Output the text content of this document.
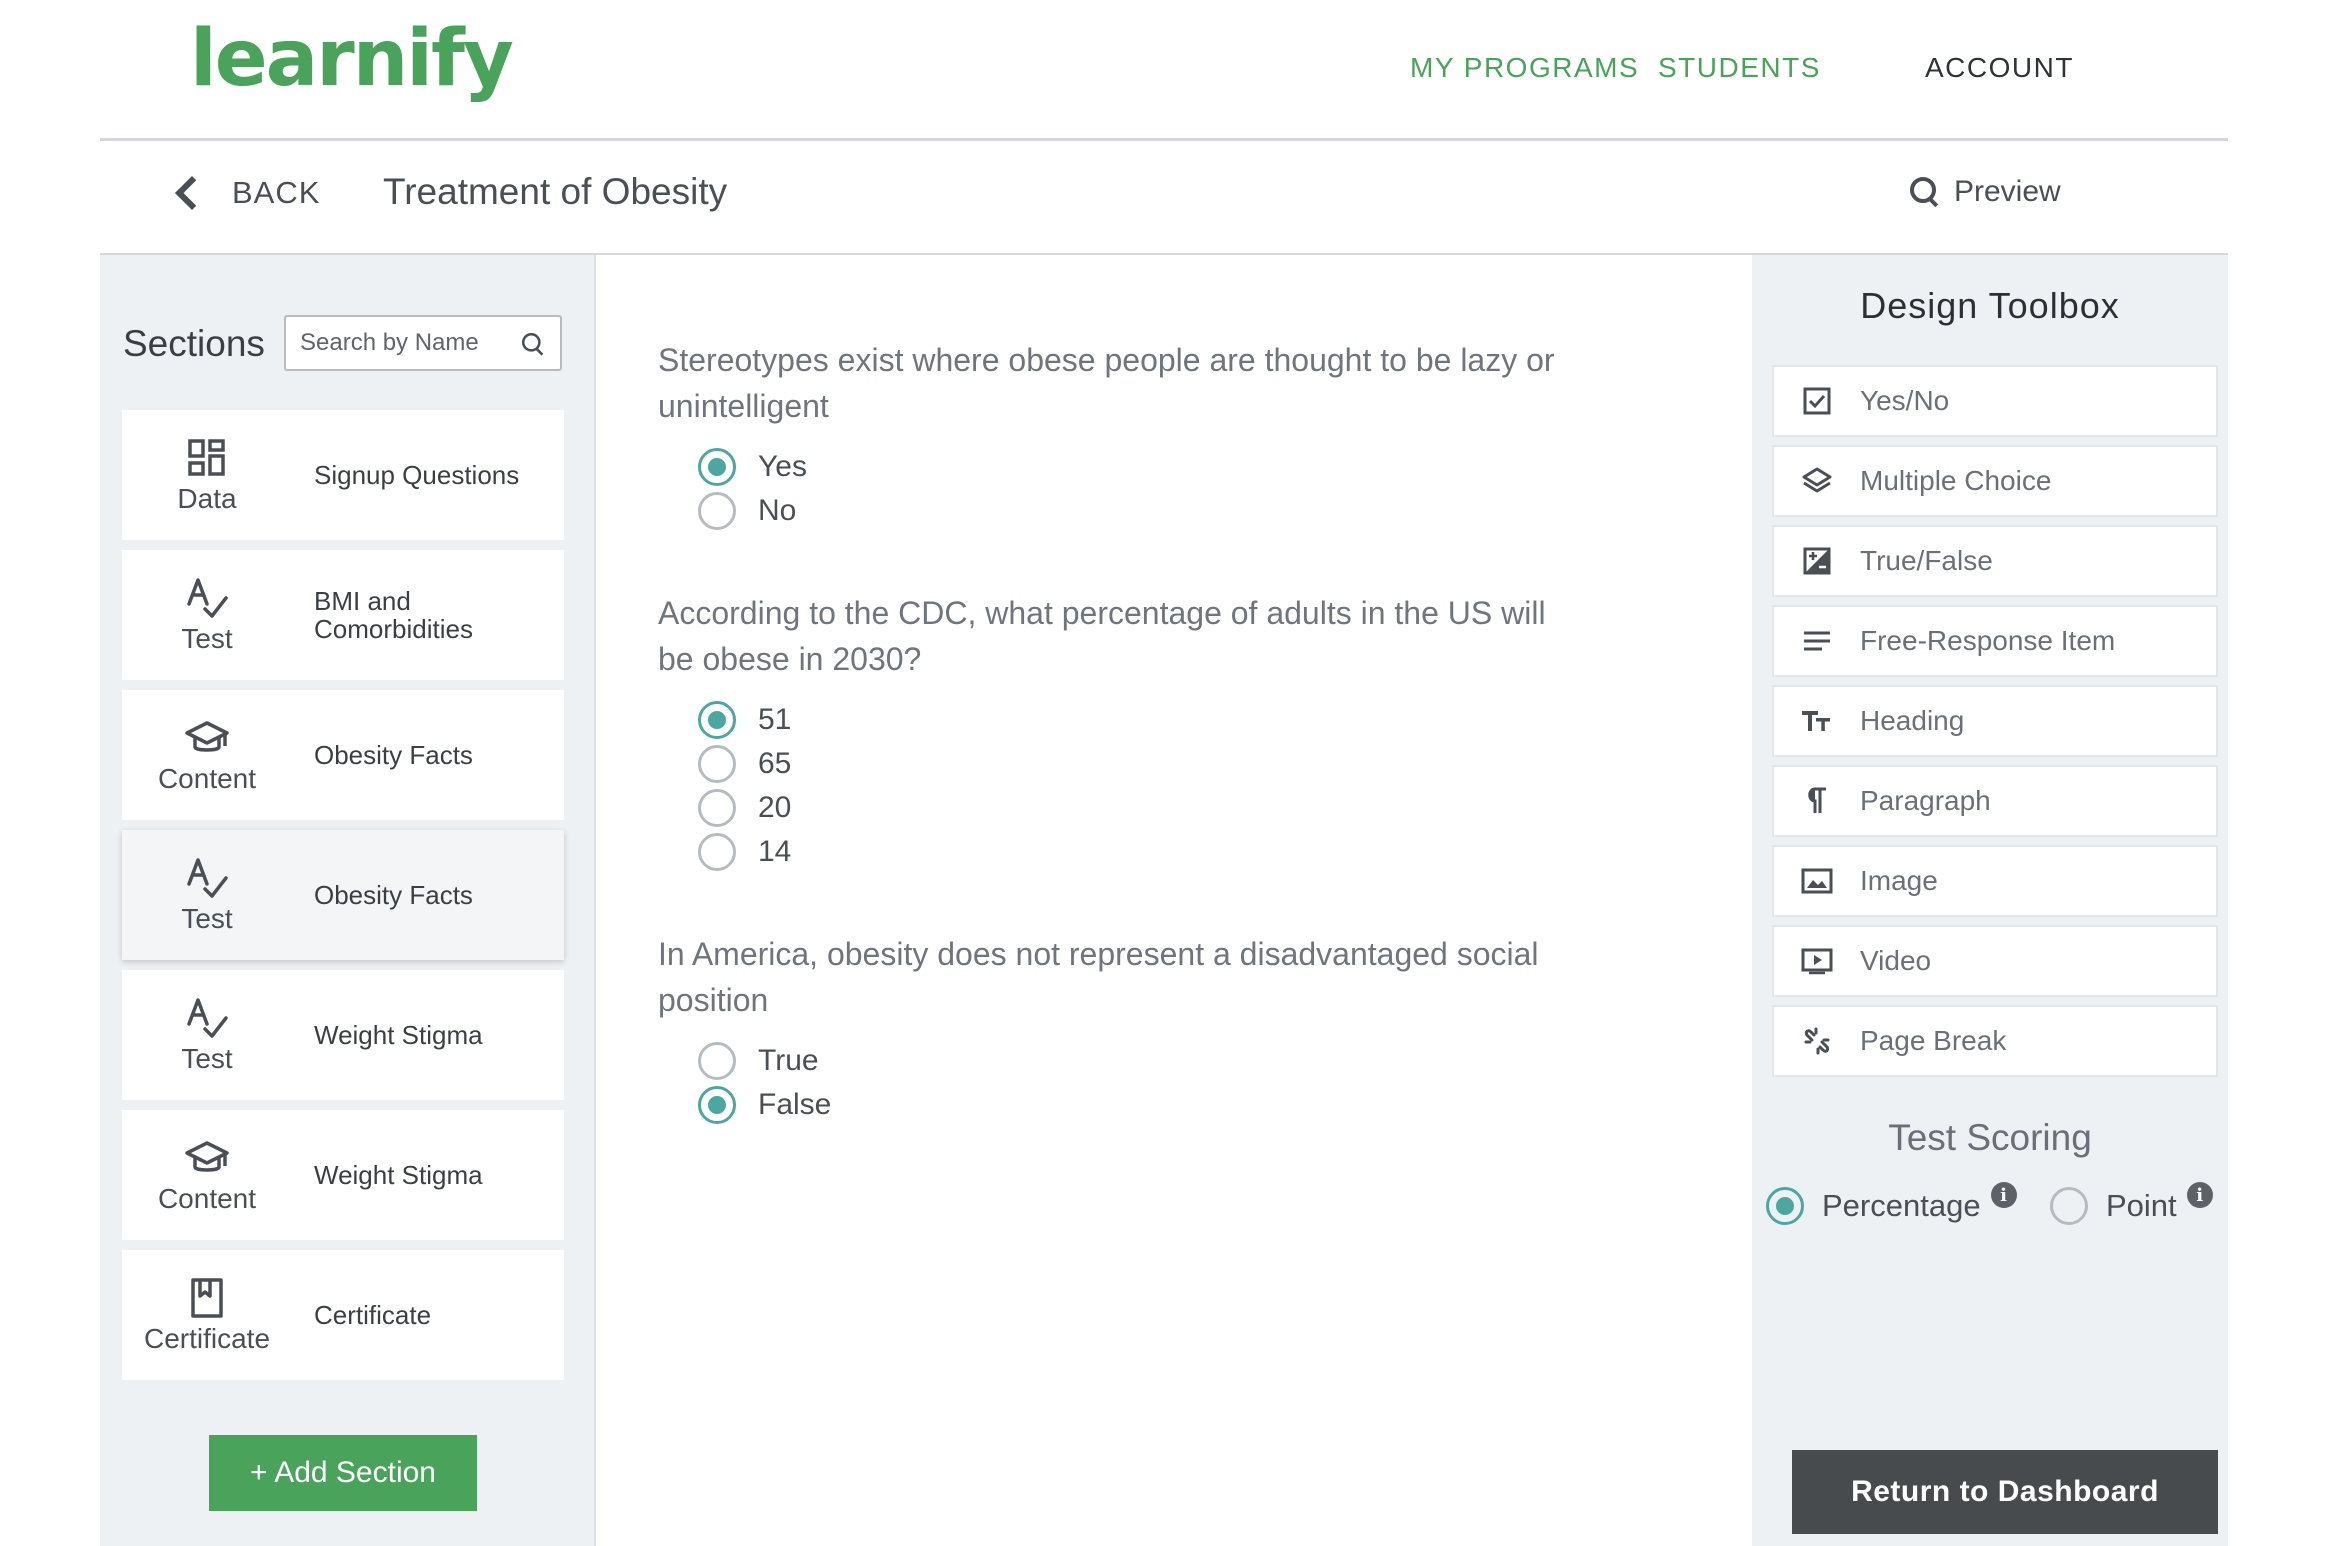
learnify	MY PROGRAMS STUDENTS	ACCOUNT
BACK Treatment of Obesity	Preview
Sections
Search by Name
Data
Signup Questions
Test
BMI and Comorbidities
Content
Obesity Facts
Test
Obesity Facts
Test
Weight Stigma
Content
Weight Stigma
Certificate
Certificate
+ Add Section
Stereotypes exist where obese people are thought to be lazy or unintelligent
Yes
No
According to the CDC, what percentage of adults in the US will be obese in 2030?
51
65
20
14
In America, obesity does not represent a disadvantaged social position
True
False
Design Toolbox
Yes/No
Multiple Choice
True/False
Free-Response Item
Heading
Paragraph
Image
Video
Page Break
Test Scoring
Percentage	i	Point	i
Return to Dashboard
